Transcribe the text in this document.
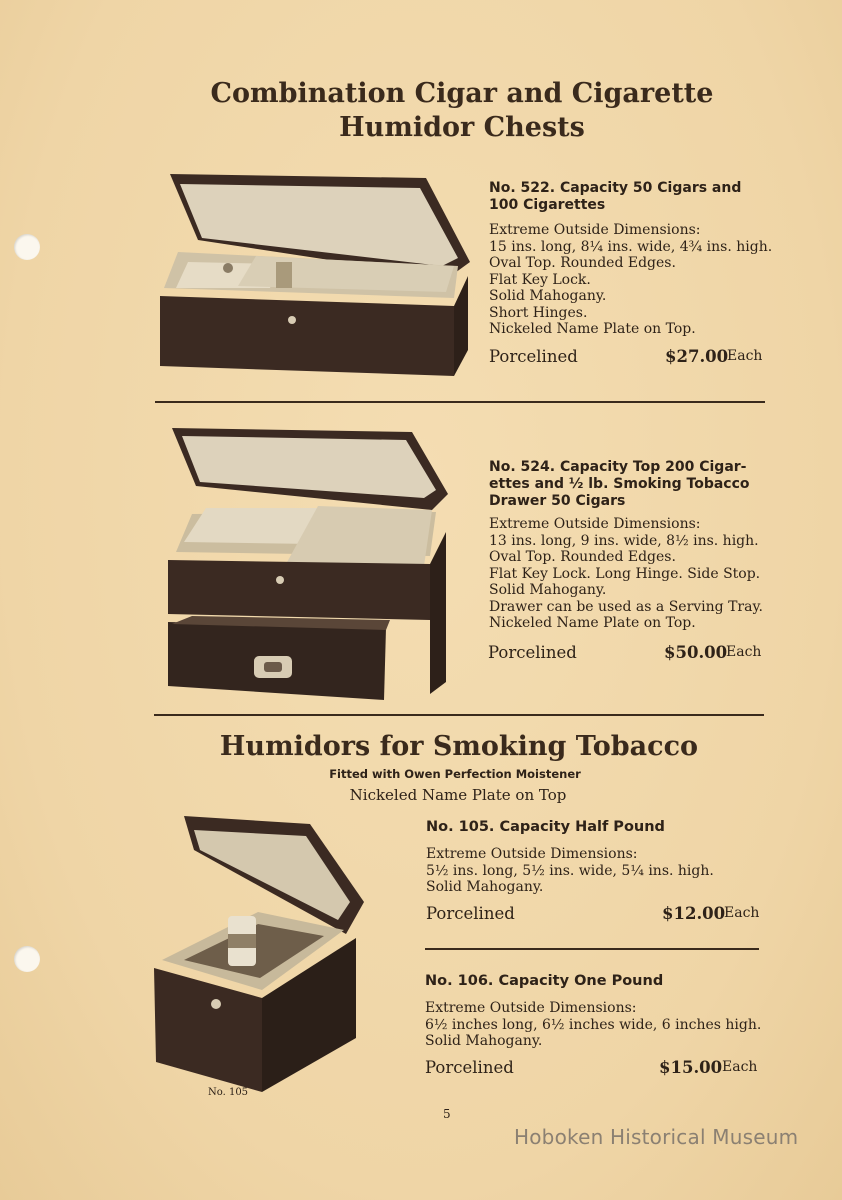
Combination Cigar and Cigarette
Humidor Chests
No. 522. Capacity 50 Cigars and
100 Cigarettes
Extreme Outside Dimensions:
15 ins. long, 8¼ ins. wide, 4¾ ins. high.
Oval Top. Rounded Edges.
Flat Key Lock.
Solid Mahogany.
Short Hinges.
Nickeled Name Plate on Top.
Porcelined	$27.00
Each
No. 524. Capacity Top 200 Cigar-
ettes and ½ lb. Smoking Tobacco
Drawer 50 Cigars
Extreme Outside Dimensions:
13 ins. long, 9 ins. wide, 8½ ins. high.
Oval Top. Rounded Edges.
Flat Key Lock. Long Hinge. Side Stop.
Solid Mahogany.
Drawer can be used as a Serving Tray.
Nickeled Name Plate on Top.
Porcelined	$50.00
Each
Humidors for Smoking Tobacco
Fitted with Owen Perfection Moistener
Nickeled Name Plate on Top
No. 105
No. 105. Capacity Half Pound
Extreme Outside Dimensions:
5½ ins. long, 5½ ins. wide, 5¼ ins. high.
Solid Mahogany.
Porcelined	$12.00
Each
No. 106. Capacity One Pound
Extreme Outside Dimensions:
6½ inches long, 6½ inches wide, 6 inches high.
Solid Mahogany.
Porcelined	$15.00 Each
5
Hoboken Historical Museum
